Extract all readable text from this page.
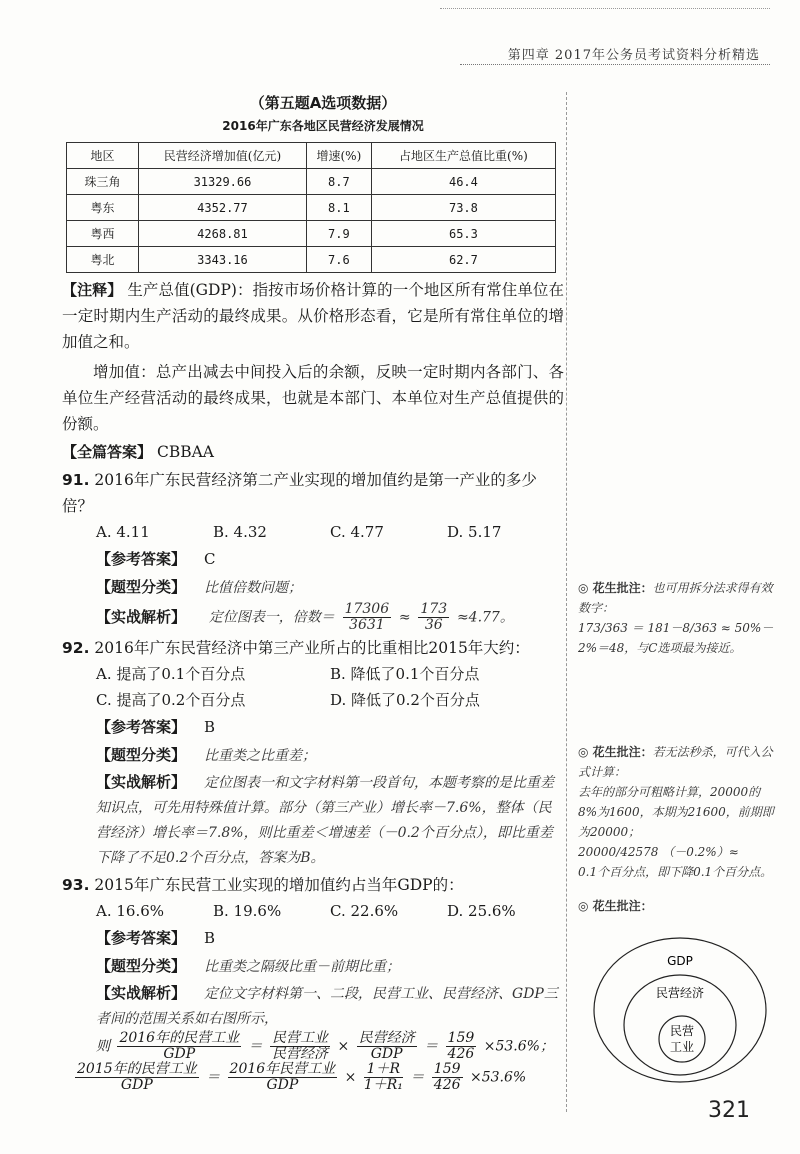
第四章 2017年公务员考试资料分析精选
（第五题A选项数据）
2016年广东各地区民营经济发展情况
地区	民营经济增加值(亿元)	增速(%)	占地区生产总值比重(%)
珠三角	31329.66	8.7	46.4
粤东	4352.77	8.1	73.8
粤西	4268.81	7.9	65.3
粤北	3343.16	7.6	62.7

【注释】 生产总值(GDP)：指按市场价格计算的一个地区所有常住单位在一定时期内生产活动的最终成果。从价格形态看，它是所有常住单位的增加值之和。

增加值：总产出减去中间投入后的余额，反映一定时期内各部门、各单位生产经营活动的最终成果，也就是本部门、本单位对生产总值提供的份额。

【全篇答案】 CBBAA
91. 2016年广东民营经济第二产业实现的增加值约是第一产业的多少倍？
A. 4.11	B. 4.32	C. 4.77	D. 5.17
【参考答案】 C
【题型分类】 比值倍数问题；
【实战解析】 定位图表一，倍数＝ $\frac{17306}{3631} \approx \frac{173}{36} \approx 4.77$。
92. 2016年广东民营经济中第三产业所占的比重相比2015年大约：
A. 提高了0.1个百分点	B. 降低了0.1个百分点
C. 提高了0.2个百分点	D. 降低了0.2个百分点
【参考答案】 B
【题型分类】 比重类之比重差；
【实战解析】 定位图表一和文字材料第一段首句，本题考察的是比重差知识点，可先用特殊值计算。部分（第三产业）增长率－7.6%，整体（民营经济）增长率＝7.8%，则比重差＜增速差（－0.2个百分点），即比重差下降了不足0.2个百分点，答案为B。
93. 2015年广东民营工业实现的增加值约占当年GDP的：
A. 16.6%	B. 19.6%	C. 22.6%	D. 25.6%
【参考答案】 B
【题型分类】 比重类之隔级比重－前期比重；
【实战解析】 定位文字材料第一、二段，民营工业、民营经济、GDP三者间的范围关系如右图所示，
则 $\frac{\text{2016年的民营工业}}{\text{GDP}} = \frac{\text{民营工业}}{\text{民营经济}} \times \frac{\text{民营经济}}{\text{GDP}} = \frac{159}{426} \times 53.6\%$；
$\frac{\text{2015年的民营工业}}{\text{GDP}} = \frac{\text{2016年民营工业}}{\text{GDP}} \times \frac{1+R}{\text{1＋R₁}} = \frac{159}{426} \times 53.6\%$
◎ 花生批注：也可用拆分法求得有效数字：
173/363 ＝ 181－8/363 ≈ 50%－
2%＝48，与C选项最为接近。
◎ 花生批注：若无法秒杀，可代入公式计算：
去年的部分可粗略计算，20000的8%为1600，本期为21600，前期即为20000；
20000/42578 （－0.2%）≈
0.1个百分点，即下降0.1个百分点。
◎ 花生批注：
GDP
民营经济
民营
工业
321
